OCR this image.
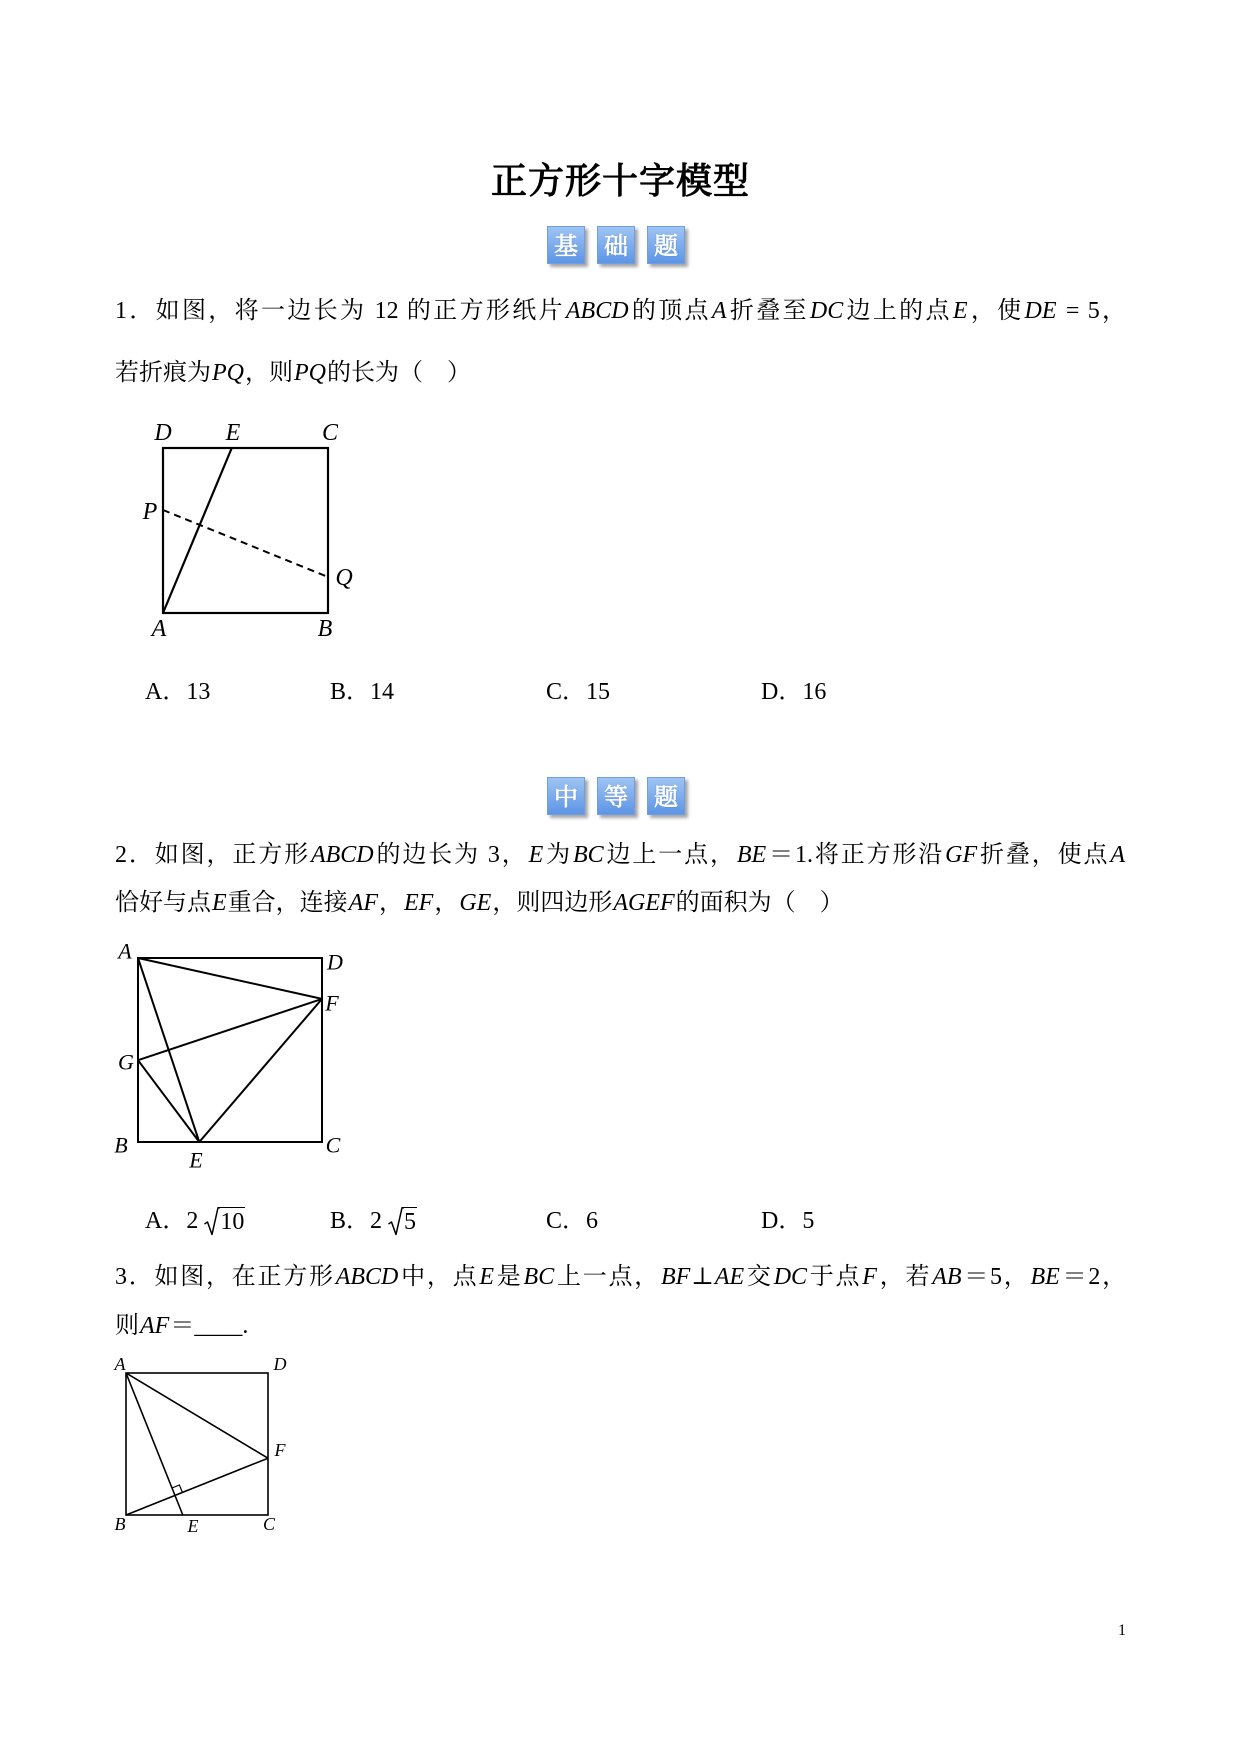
正方形十字模型
基 础 题
1．如图，将一边长为 12 的正方形纸片ABCD的顶点A折叠至DC边上的点E，使DE = 5，
若折痕为PQ，则PQ的长为（　）
D E	C
P
Q
A	B
A．13	B．14	C．15	D．16
中 等 题
2．如图，正方形ABCD的边长为 3，E为BC边上一点，BE＝1.将正方形沿GF折叠，使点A
恰好与点E重合，连接AF，EF，GE，则四边形AGEF的面积为（　）
A	D
F
G
B
E
C
A．2 10	B．2 5	C．6	D．5
3．如图，在正方形ABCD中，点E是BC上一点，BF⊥AE交DC于点F，若AB＝5，BE＝2，
则AF＝____.
A	D
F
B	E	C
1
